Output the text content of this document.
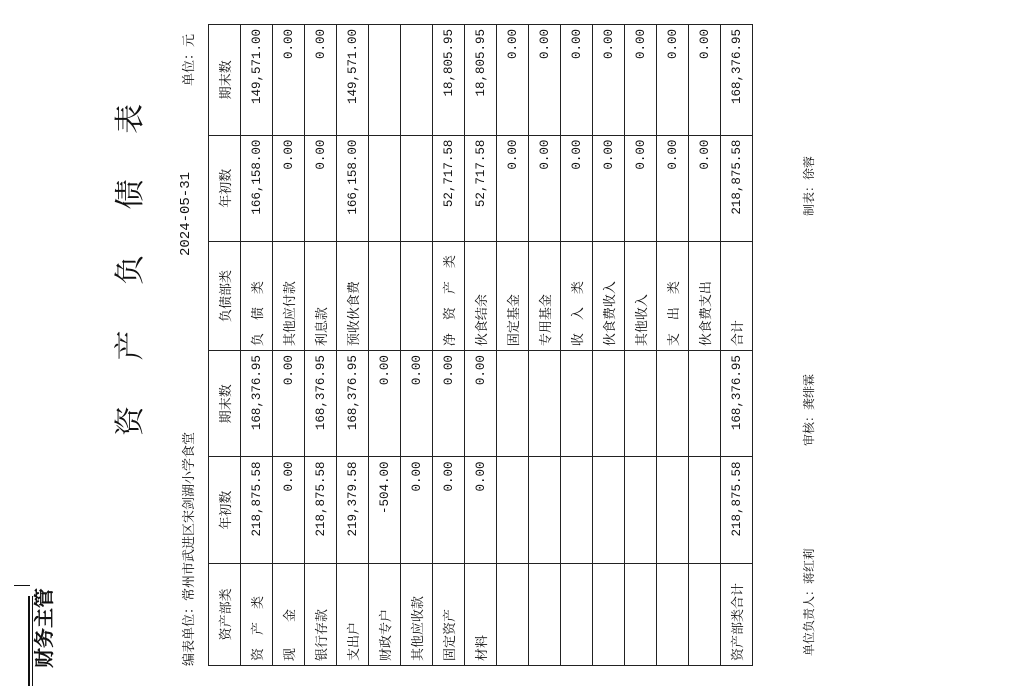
财务主管
资 产 负 债 表
编表单位：常州市武进区宋剑湖小学食堂
2024-05-31
单位：元
资产部类	年初数	期末数	负债部类	年初数	期末数
资　产　类	218,875.58	168,376.95	负　债　类	166,158.00	149,571.00
现　　金	0.00	0.00	其他应付款	0.00	0.00
银行存款	218,875.58	168,376.95	利息款	0.00	0.00
支出户	219,379.58	168,376.95	预收伙食费	166,158.00	149,571.00
财政专户	-504.00	0.00			
其他应收款	0.00	0.00			
固定资产	0.00	0.00	净　资　产　类	52,717.58	18,805.95
材料	0.00	0.00	伙食结余	52,717.58	18,805.95
			固定基金	0.00	0.00
			专用基金	0.00	0.00
			收　入　类	0.00	0.00
			伙食费收入	0.00	0.00
			其他收入	0.00	0.00
			支　出　类	0.00	0.00
			伙食费支出	0.00	0.00
资产部类合计	218,875.58	168,376.95	合计	218,875.58	168,376.95
单位负责人：蒋红莉
审核：龚绯霖
制表：徐蓉
